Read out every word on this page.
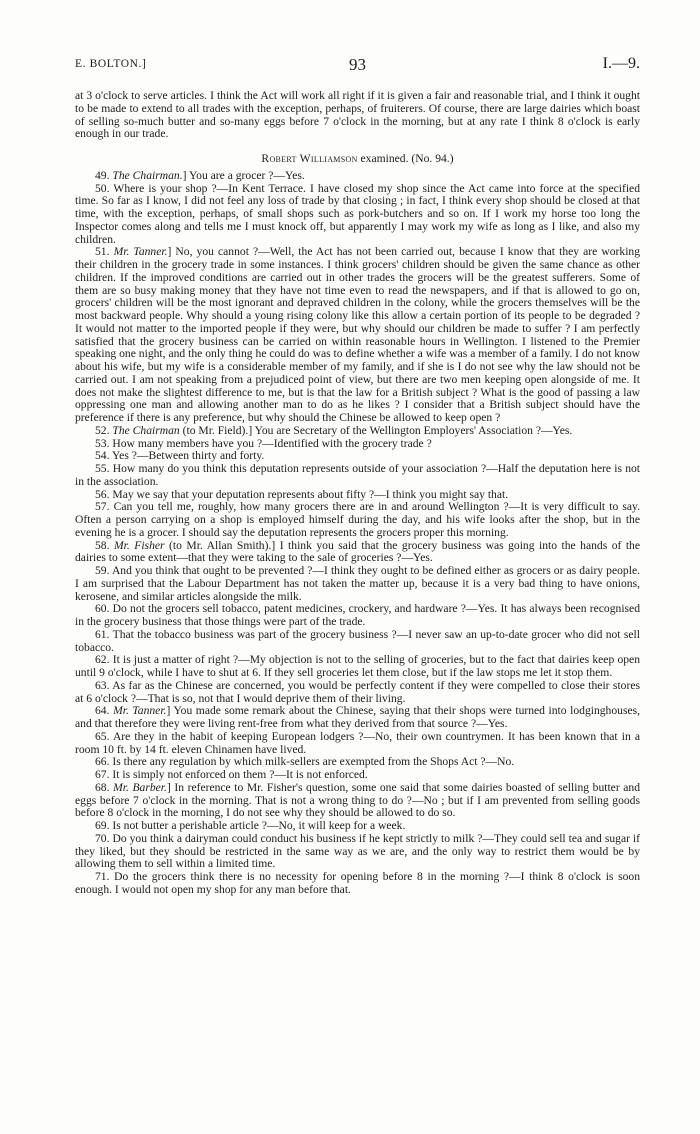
E. BOLTON.]	93	I.—9.

at 3 o'clock to serve articles. I think the Act will work all right if it is given a fair and reasonable trial, and I think it ought to be made to extend to all trades with the exception, perhaps, of fruiterers. Of course, there are large dairies which boast of selling so-much butter and so-many eggs before 7 o'clock in the morning, but at any rate I think 8 o'clock is early enough in our trade.

Robert Williamson examined. (No. 94.)

49. The Chairman.] You are a grocer ?—Yes.

50. Where is your shop ?—In Kent Terrace. I have closed my shop since the Act came into force at the specified time. So far as I know, I did not feel any loss of trade by that closing ; in fact, I think every shop should be closed at that time, with the exception, perhaps, of small shops such as pork-butchers and so on. If I work my horse too long the Inspector comes along and tells me I must knock off, but apparently I may work my wife as long as I like, and also my children.

51. Mr. Tanner.] No, you cannot ?—Well, the Act has not been carried out, because I know that they are working their children in the grocery trade in some instances. I think grocers' children should be given the same chance as other children. If the improved conditions are carried out in other trades the grocers will be the greatest sufferers. Some of them are so busy making money that they have not time even to read the newspapers, and if that is allowed to go on, grocers' children will be the most ignorant and depraved children in the colony, while the grocers themselves will be the most backward people. Why should a young rising colony like this allow a certain portion of its people to be degraded ? It would not matter to the imported people if they were, but why should our children be made to suffer ? I am perfectly satisfied that the grocery business can be carried on within reasonable hours in Wellington. I listened to the Premier speaking one night, and the only thing he could do was to define whether a wife was a member of a family. I do not know about his wife, but my wife is a considerable member of my family, and if she is I do not see why the law should not be carried out. I am not speaking from a prejudiced point of view, but there are two men keeping open alongside of me. It does not make the slightest difference to me, but is that the law for a British subject ? What is the good of passing a law oppressing one man and allowing another man to do as he likes ? I consider that a British subject should have the preference if there is any preference, but why should the Chinese be allowed to keep open ?

52. The Chairman (to Mr. Field).] You are Secretary of the Wellington Employers' Association ?—Yes.

53. How many members have you ?—Identified with the grocery trade ?

54. Yes ?—Between thirty and forty.

55. How many do you think this deputation represents outside of your association ?—Half the deputation here is not in the association.

56. May we say that your deputation represents about fifty ?—I think you might say that.

57. Can you tell me, roughly, how many grocers there are in and around Wellington ?—It is very difficult to say. Often a person carrying on a shop is employed himself during the day, and his wife looks after the shop, but in the evening he is a grocer. I should say the deputation represents the grocers proper this morning.

58. Mr. Fisher (to Mr. Allan Smith).] I think you said that the grocery business was going into the hands of the dairies to some extent—that they were taking to the sale of groceries ?—Yes.

59. And you think that ought to be prevented ?—I think they ought to be defined either as grocers or as dairy people. I am surprised that the Labour Department has not taken the matter up, because it is a very bad thing to have onions, kerosene, and similar articles alongside the milk.

60. Do not the grocers sell tobacco, patent medicines, crockery, and hardware ?—Yes. It has always been recognised in the grocery business that those things were part of the trade.

61. That the tobacco business was part of the grocery business ?—I never saw an up-to-date grocer who did not sell tobacco.

62. It is just a matter of right ?—My objection is not to the selling of groceries, but to the fact that dairies keep open until 9 o'clock, while I have to shut at 6. If they sell groceries let them close, but if the law stops me let it stop them.

63. As far as the Chinese are concerned, you would be perfectly content if they were compelled to close their stores at 6 o'clock ?—That is so, not that I would deprive them of their living.

64. Mr. Tanner.] You made some remark about the Chinese, saying that their shops were turned into lodginghouses, and that therefore they were living rent-free from what they derived from that source ?—Yes.

65. Are they in the habit of keeping European lodgers ?—No, their own countrymen. It has been known that in a room 10 ft. by 14 ft. eleven Chinamen have lived.

66. Is there any regulation by which milk-sellers are exempted from the Shops Act ?—No.

67. It is simply not enforced on them ?—It is not enforced.

68. Mr. Barber.] In reference to Mr. Fisher's question, some one said that some dairies boasted of selling butter and eggs before 7 o'clock in the morning. That is not a wrong thing to do ?—No ; but if I am prevented from selling goods before 8 o'clock in the morning, I do not see why they should be allowed to do so.

69. Is not butter a perishable article ?—No, it will keep for a week.

70. Do you think a dairyman could conduct his business if he kept strictly to milk ?—They could sell tea and sugar if they liked, but they should be restricted in the same way as we are, and the only way to restrict them would be by allowing them to sell within a limited time.

71. Do the grocers think there is no necessity for opening before 8 in the morning ?—I think 8 o'clock is soon enough. I would not open my shop for any man before that.
